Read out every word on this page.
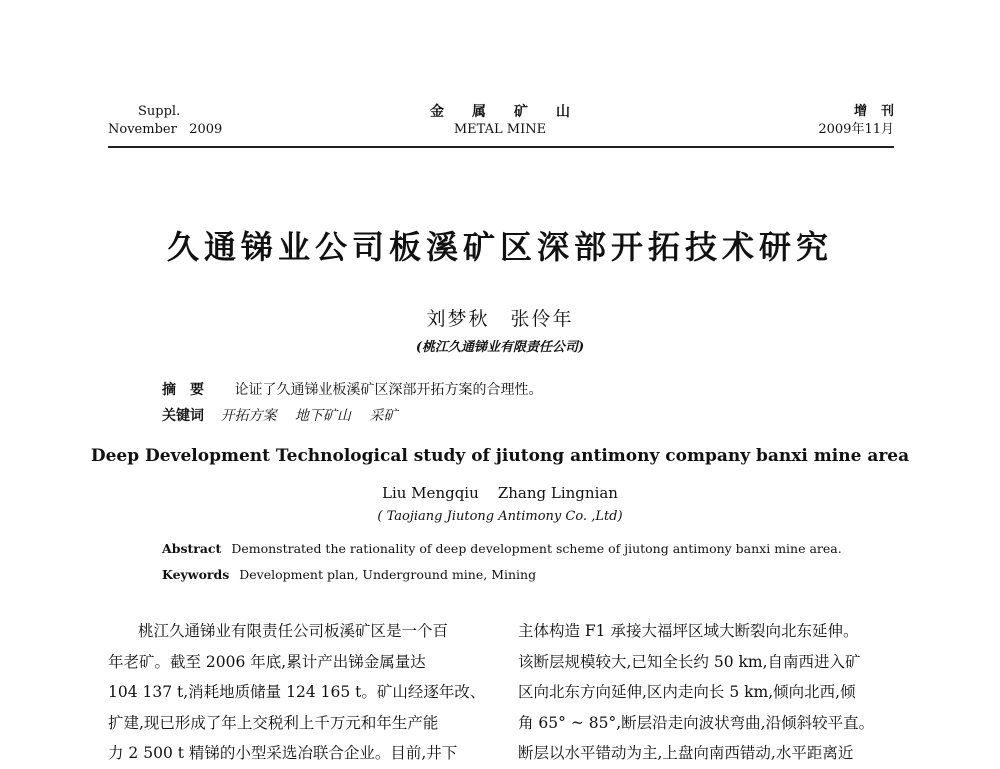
Suppl.
November   2009
金属矿山
METAL MINE
增刊
2009年11月
久通锑业公司板溪矿区深部开拓技术研究
刘梦秋　张伶年
(桃江久通锑业有限责任公司)
摘要 论证了久通锑业板溪矿区深部开拓方案的合理性。
关键词 开拓方案 地下矿山 采矿
Deep Development Technological study of jiutong antimony company banxi mine area
Liu Mengqiu    Zhang Lingnian
( Taojiang Jiutong Antimony Co. ,Ltd)
Abstract Demonstrated the rationality of deep development scheme of jiutong antimony banxi mine area.
Keywords Development plan, Underground mine, Mining
桃江久通锑业有限责任公司板溪矿区是一个百
年老矿。截至 2006 年底,累计产出锑金属量达
104 137 t,消耗地质储量 124 165 t。矿山经逐年改、
扩建,现已形成了年上交税利上千万元和年生产能
力 2 500 t 精锑的小型采选冶联合企业。目前,井下
主体构造 F1 承接大福坪区域大断裂向北东延伸。
该断层规模较大,已知全长约 50 km,自南西进入矿
区向北东方向延伸,区内走向长 5 km,倾向北西,倾
角 65° ~ 85°,断层沿走向波状弯曲,沿倾斜较平直。
断层以水平错动为主,上盘向南西错动,水平距离近
